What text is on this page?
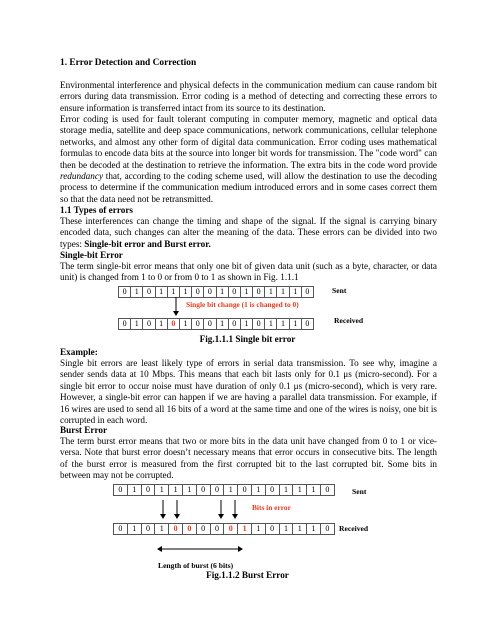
1. Error Detection and Correction

Environmental interference and physical defects in the communication medium can cause random bit errors during data transmission. Error coding is a method of detecting and correcting these errors to ensure information is transferred intact from its source to its destination.

Error coding is used for fault tolerant computing in computer memory, magnetic and optical data storage media, satellite and deep space communications, network communications, cellular telephone networks, and almost any other form of digital data communication. Error coding uses mathematical formulas to encode data bits at the source into longer bit words for transmission. The "code word" can then be decoded at the destination to retrieve the information. The extra bits in the code word provide redundancy that, according to the coding scheme used, will allow the destination to use the decoding process to determine if the communication medium introduced errors and in some cases correct them so that the data need not be retransmitted.

1.1 Types of errors

These interferences can change the timing and shape of the signal. If the signal is carrying binary encoded data, such changes can alter the meaning of the data. These errors can be divided into two types: Single-bit error and Burst error.

Single-bit Error

The term single-bit error means that only one bit of given data unit (such as a byte, character, or data unit) is changed from 1 to 0 or from 0 to 1 as shown in Fig. 1.1.1

0	1	0	1	1	1	0	0	1	0	1	0	1	1	1	0	Sent
Single bit change (1 is changed to 0)
0	1	0	1	0	1	0	0	1	0	1	0	1	1	1	0	Received
Fig.1.1.1 Single bit error
Example:

Single bit errors are least likely type of errors in serial data transmission. To see why, imagine a sender sends data at 10 Mbps. This means that each bit lasts only for 0.1 μs (micro-second). For a single bit error to occur noise must have duration of only 0.1 μs (micro-second), which is very rare. However, a single-bit error can happen if we are having a parallel data transmission. For example, if 16 wires are used to send all 16 bits of a word at the same time and one of the wires is noisy, one bit is corrupted in each word.

Burst Error

The term burst error means that two or more bits in the data unit have changed from 0 to 1 or vice-versa. Note that burst error doesn’t necessary means that error occurs in consecutive bits. The length of the burst error is measured from the first corrupted bit to the last corrupted bit. Some bits in between may not be corrupted.

0	1	0	1	1	1	0	0	1	0	1	0	1	1	1	0	Sent
Bits in error
0	1	0	1	0	0	0	0	0	1	1	0	1	1	1	0	Received
Length of burst (6 bits)
Fig.1.1.2 Burst Error
